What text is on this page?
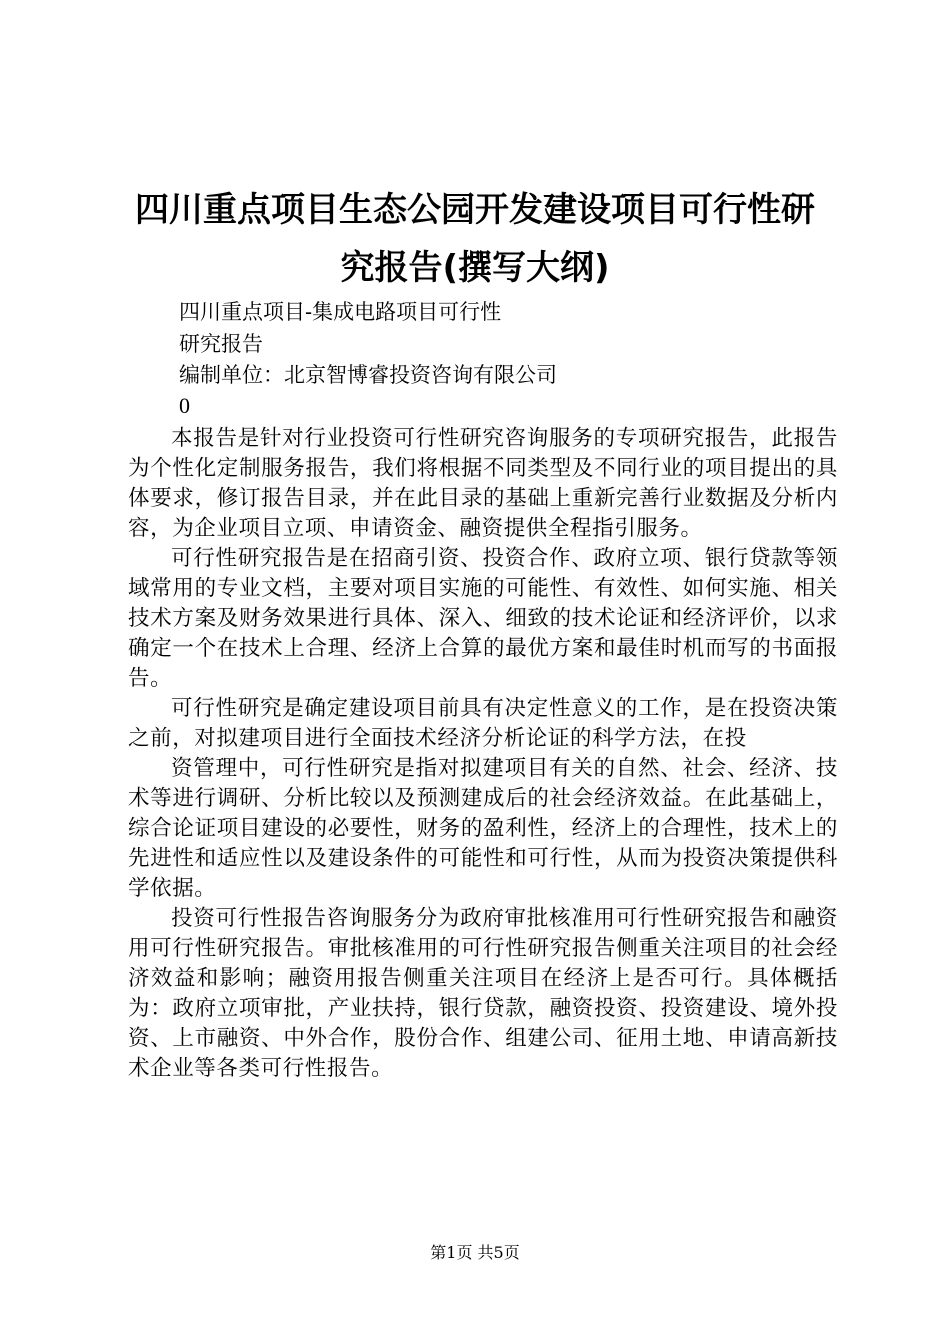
四川重点项目生态公园开发建设项目可行性研
究报告(撰写大纲)
四川重点项目-集成电路项目可行性
研究报告
编制单位：北京智博睿投资咨询有限公司
0

本报告是针对行业投资可行性研究咨询服务的专项研究报告，此报告为个性化定制服务报告，我们将根据不同类型及不同行业的项目提出的具体要求，修订报告目录，并在此目录的基础上重新完善行业数据及分析内容，为企业项目立项、申请资金、融资提供全程指引服务。

可行性研究报告是在招商引资、投资合作、政府立项、银行贷款等领域常用的专业文档，主要对项目实施的可能性、有效性、如何实施、相关技术方案及财务效果进行具体、深入、细致的技术论证和经济评价，以求确定一个在技术上合理、经济上合算的最优方案和最佳时机而写的书面报告。

可行性研究是确定建设项目前具有决定性意义的工作，是在投资决策之前，对拟建项目进行全面技术经济分析论证的科学方法，在投

资管理中，可行性研究是指对拟建项目有关的自然、社会、经济、技术等进行调研、分析比较以及预测建成后的社会经济效益。在此基础上，综合论证项目建设的必要性，财务的盈利性，经济上的合理性，技术上的先进性和适应性以及建设条件的可能性和可行性，从而为投资决策提供科学依据。

投资可行性报告咨询服务分为政府审批核准用可行性研究报告和融资用可行性研究报告。审批核准用的可行性研究报告侧重关注项目的社会经济效益和影响；融资用报告侧重关注项目在经济上是否可行。具体概括为：政府立项审批，产业扶持，银行贷款，融资投资、投资建设、境外投资、上市融资、中外合作，股份合作、组建公司、征用土地、申请高新技术企业等各类可行性报告。

第1页 共5页
